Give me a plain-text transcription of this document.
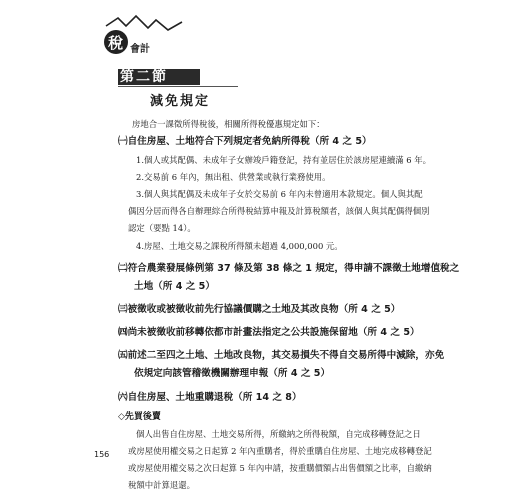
稅 會計
第二節
減免規定
房地合一課徵所得稅後，相關所得稅優惠規定如下：
㈠自住房屋、土地符合下列規定者免納所得稅（所 4 之 5）
1.個人或其配偶、未成年子女辦竣戶籍登記，持有並居住於該房屋連續滿 6 年。
2.交易前 6 年內，無出租、供營業或執行業務使用。
3.個人與其配偶及未成年子女於交易前 6 年內未曾適用本款規定。個人與其配
偶因分居而得各自辦理綜合所得稅結算申報及計算稅額者，該個人與其配偶得個別
認定（要點 14）。
4.房屋、土地交易之課稅所得額未超過 4,000,000 元。
㈡符合農業發展條例第 37 條及第 38 條之 1 規定，得申請不課徵土地增值稅之
土地（所 4 之 5）
㈢被徵收或被徵收前先行協議價購之土地及其改良物（所 4 之 5）
㈣尚未被徵收前移轉依都市計畫法指定之公共設施保留地（所 4 之 5）
㈤前述二至四之土地、土地改良物，其交易損失不得自交易所得中減除，亦免
依規定向該管稽徵機關辦理申報（所 4 之 5）
㈥自住房屋、土地重購退稅（所 14 之 8）
◇先買後賣
個人出售自住房屋、土地交易所得，所繳納之所得稅額，自完成移轉登記之日
或房屋使用權交易之日起算 2 年內重購者，得於重購自住房屋、土地完成移轉登記
或房屋使用權交易之次日起算 5 年內申請，按重購價額占出售價額之比率，自繳納
稅額中計算退還。
156
